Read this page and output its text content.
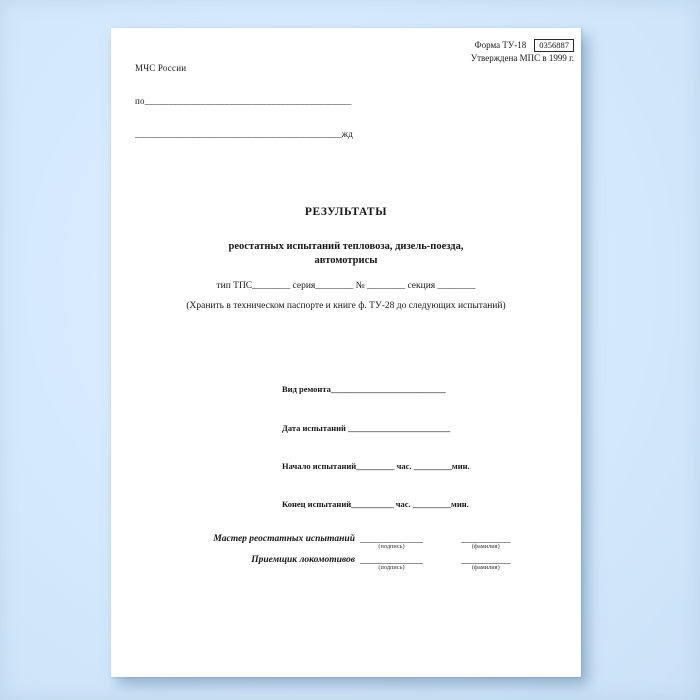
МЧС России

по____________________________________________

____________________________________________жд

Форма ТУ-18	0356887
Утверждена МПС в 1999 г.
РЕЗУЛЬТАТЫ
реостатных испытаний тепловоза, дизель-поезда,
автомотрисы
тип ТПС________ серия________ № ________ секция ________
(Хранить в техническом паспорте и книге ф. ТУ-28 до следующих испытаний)

Вид ремонта___________________________

Дата испытаний ________________________

Начало испытаний_________ час. _________мин.

Конец испытаний__________ час. _________мин.

Мастер реостатных испытаний ______________
(подпись)
___________
(фамилия)
Приемщик локомотивов ______________
(подпись)
___________
(фамилия)
